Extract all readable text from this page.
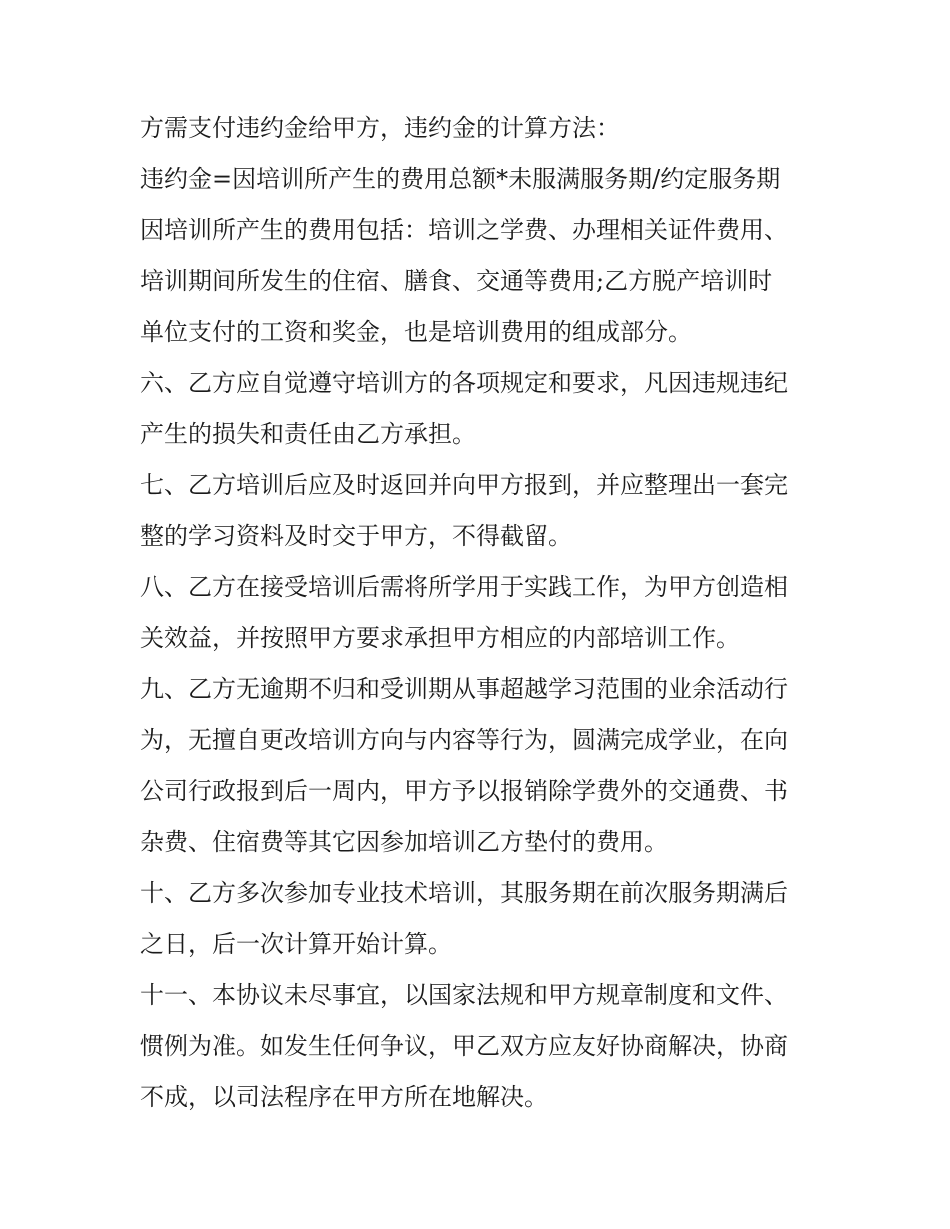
方需支付违约金给甲方，违约金的计算方法：
违约金=因培训所产生的费用总额*未服满服务期/约定服务期
因培训所产生的费用包括：培训之学费、办理相关证件费用、
培训期间所发生的住宿、膳食、交通等费用;乙方脱产培训时
单位支付的工资和奖金，也是培训费用的组成部分。
六、乙方应自觉遵守培训方的各项规定和要求，凡因违规违纪
产生的损失和责任由乙方承担。
七、乙方培训后应及时返回并向甲方报到，并应整理出一套完
整的学习资料及时交于甲方，不得截留。
八、乙方在接受培训后需将所学用于实践工作，为甲方创造相
关效益，并按照甲方要求承担甲方相应的内部培训工作。
九、乙方无逾期不归和受训期从事超越学习范围的业余活动行
为，无擅自更改培训方向与内容等行为，圆满完成学业，在向
公司行政报到后一周内，甲方予以报销除学费外的交通费、书
杂费、住宿费等其它因参加培训乙方垫付的费用。
十、乙方多次参加专业技术培训，其服务期在前次服务期满后
之日，后一次计算开始计算。
十一、本协议未尽事宜，以国家法规和甲方规章制度和文件、
惯例为准。如发生任何争议，甲乙双方应友好协商解决，协商
不成，以司法程序在甲方所在地解决。
